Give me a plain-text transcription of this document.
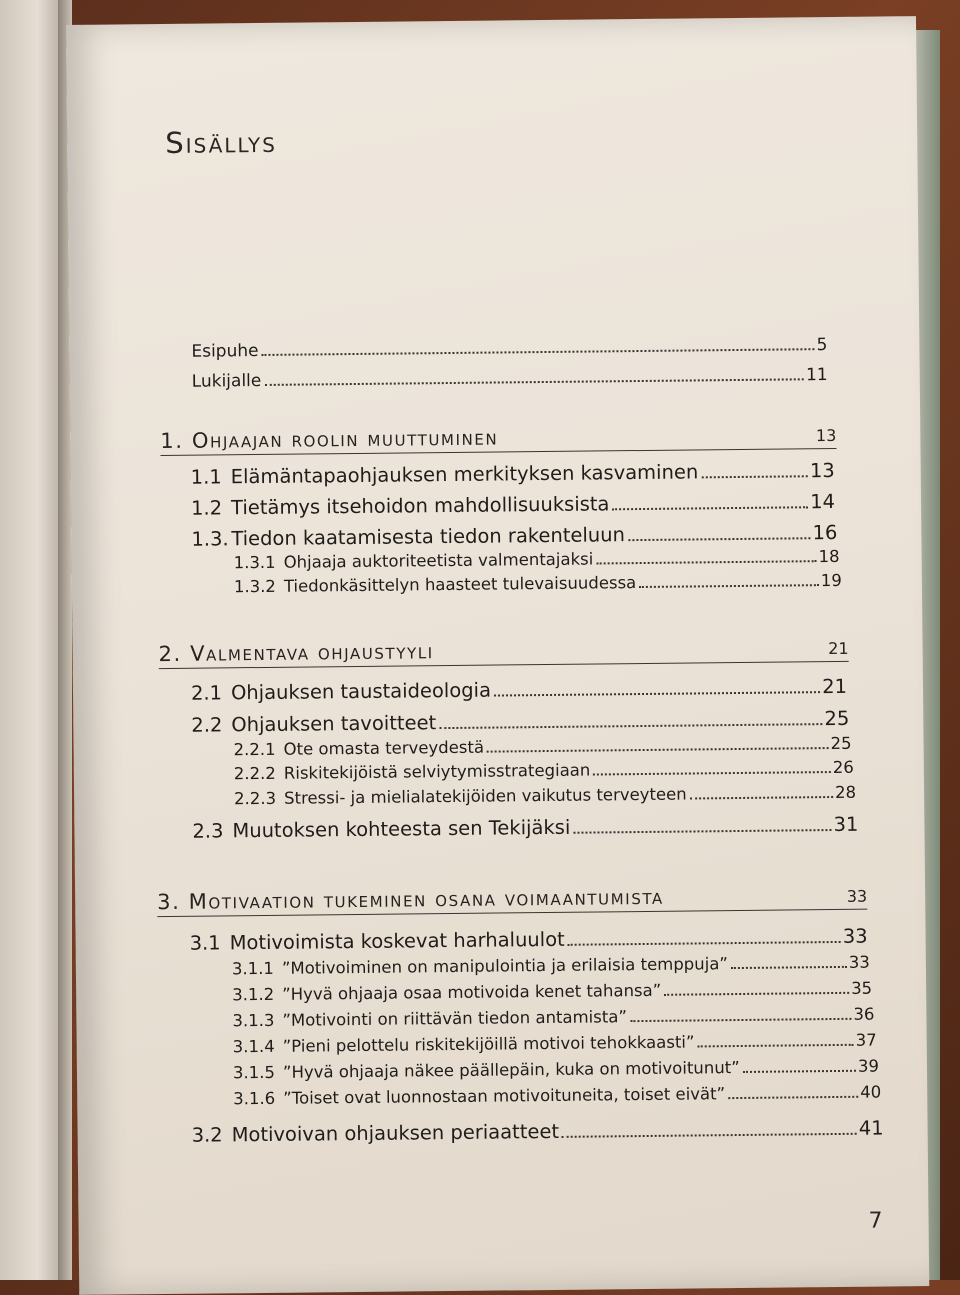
Sisällys
Esipuhe	5
Lukijalle	11
1. Ohjaajan roolin muuttuminen	13
1.1 Elämäntapaohjauksen merkityksen kasvaminen	13
1.2 Tietämys itsehoidon mahdollisuuksista	14
1.3. Tiedon kaatamisesta tiedon rakenteluun	16
1.3.1 Ohjaaja auktoriteetista valmentajaksi	18
1.3.2 Tiedonkäsittelyn haasteet tulevaisuudessa	19
2. Valmentava ohjaustyyli	21
2.1 Ohjauksen taustaideologia	21
2.2 Ohjauksen tavoitteet	25
2.2.1 Ote omasta terveydestä	25
2.2.2 Riskitekijöistä selviytymisstrategiaan	26
2.2.3 Stressi- ja mielialatekijöiden vaikutus terveyteen	28
2.3 Muutoksen kohteesta sen Tekijäksi	31
3. Motivaation tukeminen osana voimaantumista	33
3.1 Motivoimista koskevat harhaluulot	33
3.1.1 ”Motivoiminen on manipulointia ja erilaisia temppuja”	33
3.1.2 ”Hyvä ohjaaja osaa motivoida kenet tahansa”	35
3.1.3 ”Motivointi on riittävän tiedon antamista”	36
3.1.4 ”Pieni pelottelu riskitekijöillä motivoi tehokkaasti”	37
3.1.5 ”Hyvä ohjaaja näkee päällepäin, kuka on motivoitunut”	39
3.1.6 ”Toiset ovat luonnostaan motivoituneita, toiset eivät”	40
3.2 Motivoivan ohjauksen periaatteet	41
7
